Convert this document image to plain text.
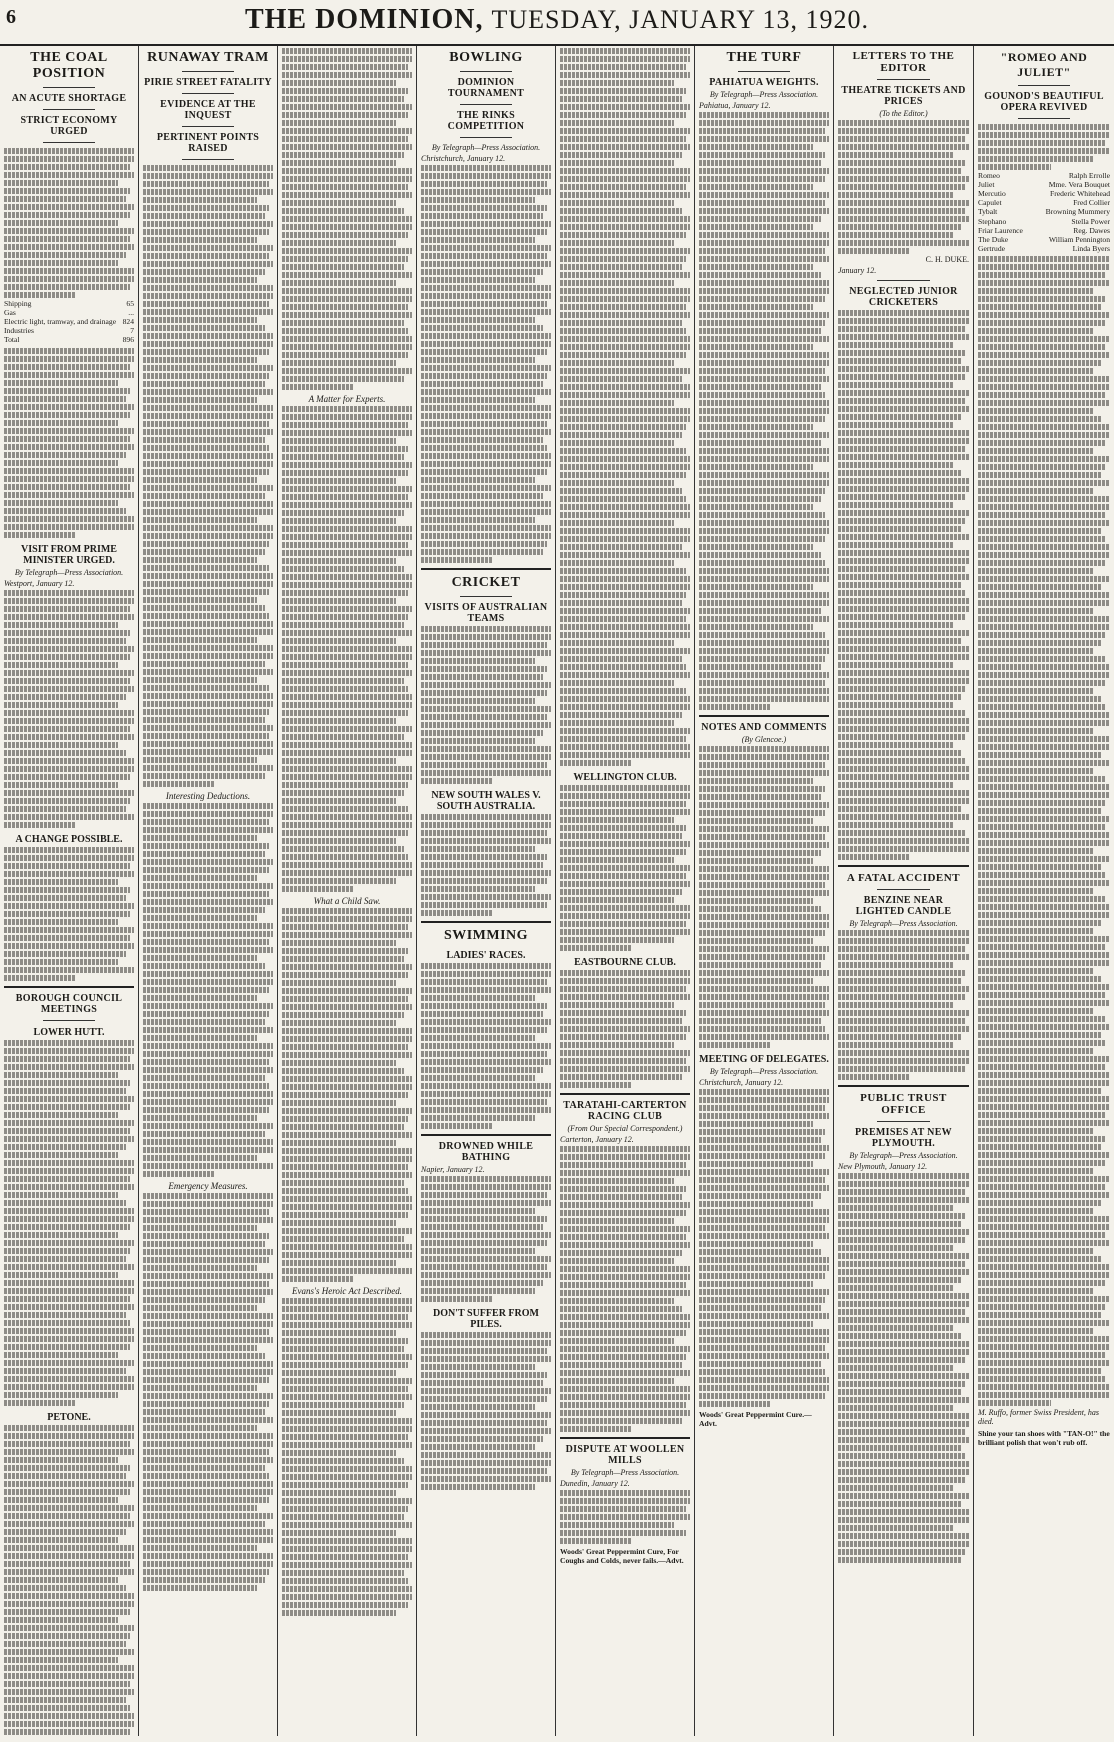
6	THE DOMINION, TUESDAY, JANUARY 13, 1920.
THE COAL POSITION
AN ACUTE SHORTAGE
STRICT ECONOMY URGED
Shipping	65
Gas	...
Electric light, tramway, and drainage 824
Industries	7
Total	896
VISIT FROM PRIME MINISTER URGED.
By Telegraph—Press Association.
Westport, January 12.
A CHANGE POSSIBLE.
BOROUGH COUNCIL MEETINGS
LOWER HUTT.
PETONE.
RUNAWAY TRAM
PIRIE STREET FATALITY
EVIDENCE AT THE INQUEST
PERTINENT POINTS RAISED
Interesting Deductions.
Emergency Measures.
A Matter for Experts.
What a Child Saw.
Evans's Heroic Act Described.
BOWLING
DOMINION TOURNAMENT
THE RINKS COMPETITION
By Telegraph—Press Association.
Christchurch, January 12.
CRICKET
VISITS OF AUSTRALIAN TEAMS
NEW SOUTH WALES V. SOUTH AUSTRALIA.
SWIMMING
LADIES' RACES.
DROWNED WHILE BATHING
Napier, January 12.
DON'T SUFFER FROM PILES.
WELLINGTON CLUB.
EASTBOURNE CLUB.
TARATAHI-CARTERTON RACING CLUB
(From Our Special Correspondent.)
Carterton, January 12.
DISPUTE AT WOOLLEN MILLS
By Telegraph—Press Association.
Dunedin, January 12.
Woods' Great Peppermint Cure, For Coughs and Colds, never fails.—Advt.
THE TURF
PAHIATUA WEIGHTS.
By Telegraph—Press Association.
Pahiatua, January 12.
NOTES AND COMMENTS
(By Glencoe.)
MEETING OF DELEGATES.
By Telegraph—Press Association.
Christchurch, January 12.
Woods' Great Peppermint Cure.—Advt.
LETTERS TO THE EDITOR
THEATRE TICKETS AND PRICES
(To the Editor.)
C. H. DUKE.
January 12.
NEGLECTED JUNIOR CRICKETERS
A FATAL ACCIDENT
BENZINE NEAR LIGHTED CANDLE
By Telegraph—Press Association.
PUBLIC TRUST OFFICE
PREMISES AT NEW PLYMOUTH.
By Telegraph—Press Association.
New Plymouth, January 12.
"ROMEO AND JULIET"
GOUNOD'S BEAUTIFUL OPERA REVIVED
Romeo	Ralph Errolle
Juliet	Mme. Vera Bouquet
Mercutio	Frederic Whitehead
Capulet	Fred Collier
Tybalt	Browning Mummery
Stephano	Stella Power
Friar Laurence	Reg. Dawes
The Duke	William Pennington
Gertrude	Linda Byers
M. Ruffo, former Swiss President, has died.
Shine your tan shoes with "TAN-O!" the brilliant polish that won't rub off.
